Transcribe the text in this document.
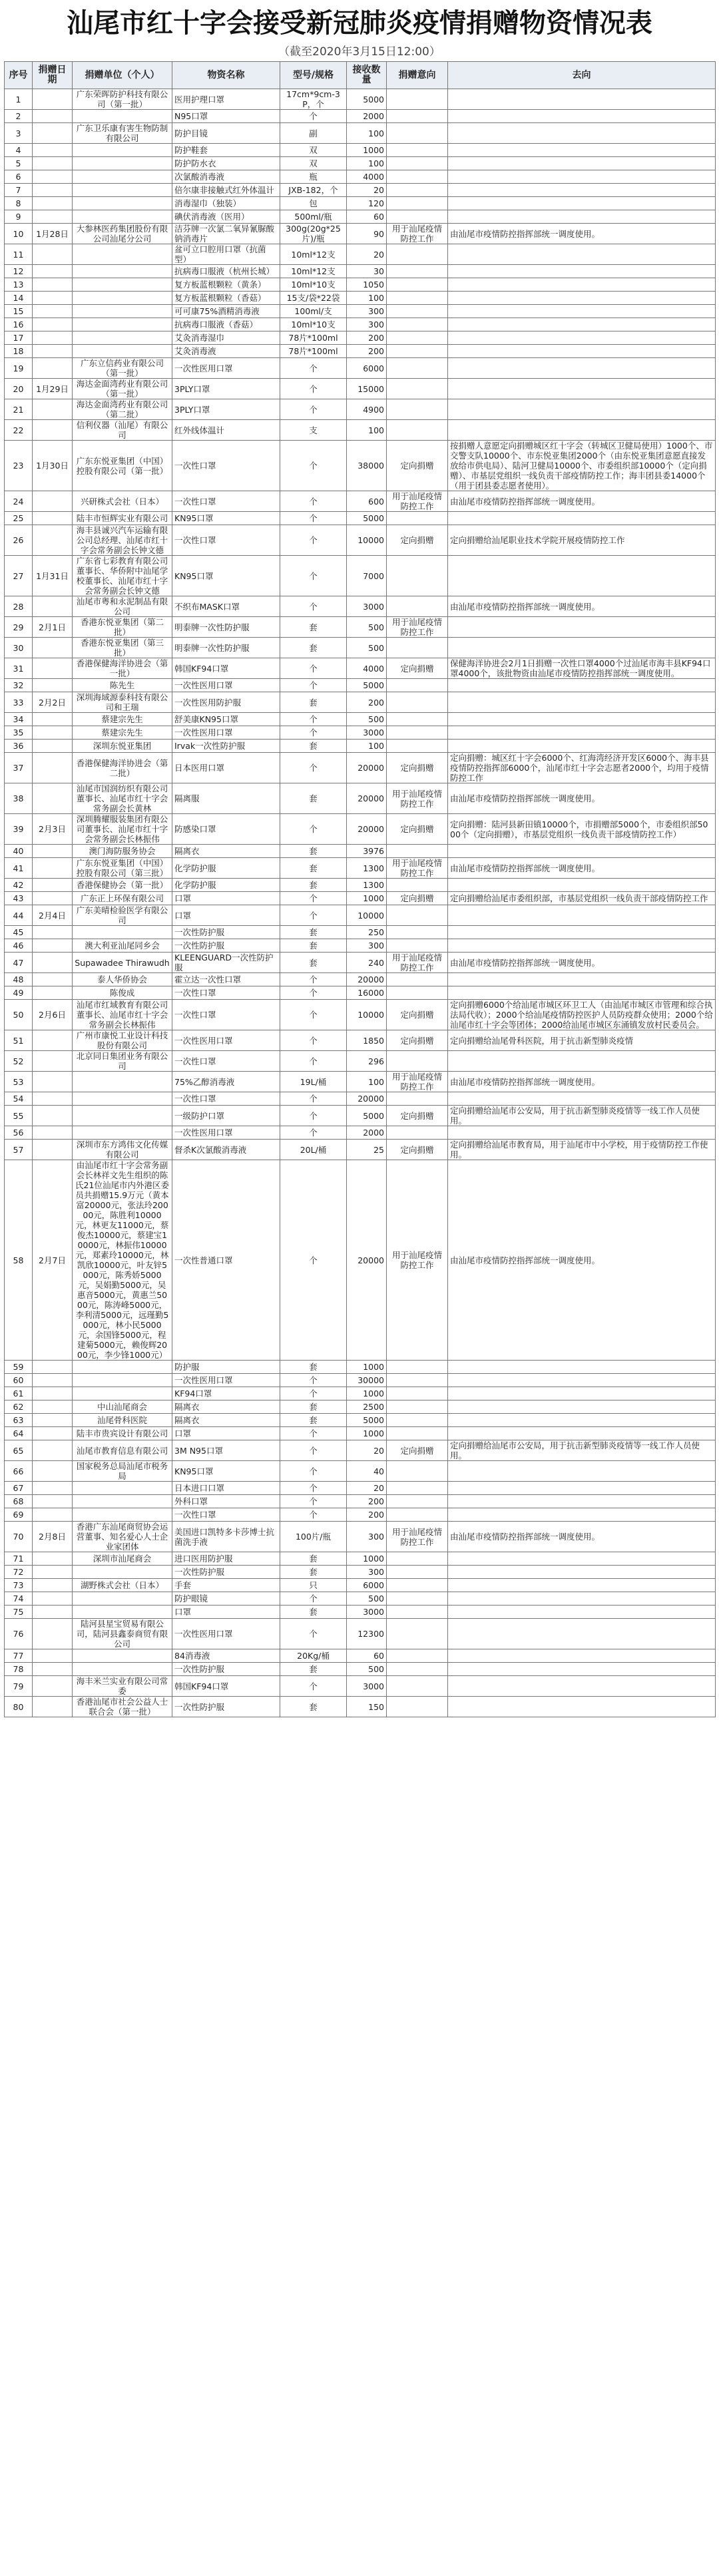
汕尾市红十字会接受新冠肺炎疫情捐赠物资情况表
（截至2020年3月15日12:00）
序号	捐赠日期	捐赠单位（个人）	物资名称	型号/规格	接收数量	捐赠意向	去向
1		广东荣晖防护科技有限公司（第一批）	医用护理口罩	17cm*9cm-3P，个	5000		
2			N95口罩	个	2000		
3		广东卫乐康有害生物防制有限公司	防护目镜	副	100		
4			防护鞋套	双	1000		
5			防护防水衣	双	100		
6			次氯酸消毒液	瓶	4000		
7			倍尔康非接触式红外体温计	JXB-182，个	20		
8			消毒湿巾（独装）	包	120		
9			碘伏消毒液（医用）	500ml/瓶	60		
10	1月28日	大参林医药集团股份有限公司汕尾分公司	洁芬牌一次氯二氧异氰脲酸钠消毒片	300g(20g*25片)/瓶	90	用于汕尾疫情防控工作	由汕尾市疫情防控指挥部统一调度使用。
11			盆可立口腔用口罩（抗菌型）	10ml*12支	20		
12			抗病毒口服液（杭州长城）	10ml*12支	30		
13			复方板蓝根颗粒（黄条）	10ml*10支	1050		
14			复方板蓝根颗粒（香菇）	15支/袋*22袋	100		
15			可可康75%酒精消毒液	100ml/支	300		
16			抗病毒口服液（香菇）	10ml*10支	300		
17			艾灸消毒湿巾	78片*100ml	200		
18			艾灸消毒液	78片*100ml	200		
19		广东立信药业有限公司（第一批）	一次性医用口罩	个	6000		
20	1月29日	海达金面湾药业有限公司（第一批）	3PLY口罩	个	15000		
21		海达金面湾药业有限公司（第二批）	3PLY口罩	个	4900		
22		信利仪器（汕尾）有限公司	红外线体温计	支	100		
23	1月30日	广东东悦亚集团（中国）控股有限公司（第一批）	一次性口罩	个	38000	定向捐赠	按捐赠人意愿定向捐赠城区红十字会（转城区卫健局使用）1000个、市交警支队10000个、市东悦亚集团2000个（由东悦亚集团意愿直接发放给市供电局）、陆河卫健局10000个、市委组织部10000个（定向捐赠）、市基层党组织一线负责干部疫情防控工作；海丰团县委14000个（用于团县委志愿者使用）。
24		兴研株式会社（日本）	一次性口罩	个	600	用于汕尾疫情防控工作	由汕尾市疫情防控指挥部统一调度使用。
25		陆丰市恒辉实业有限公司	KN95口罩	个	5000		
26		海丰县诚兴汽车运输有限公司总经理、汕尾市红十字会常务副会长钟文德	一次性口罩	个	10000	定向捐赠	定向捐赠给汕尾职业技术学院开展疫情防控工作
27	1月31日	广东省七彩教育有限公司董事长、华侨附中汕尾学校董事长、汕尾市红十字会常务副会长钟文德	KN95口罩	个	7000		
28		汕尾市粤和永泥制品有限公司	不织布MASK口罩	个	3000		由汕尾市疫情防控指挥部统一调度使用。
29	2月1日	香港东悦亚集团（第二批）	明泰牌一次性防护服	套	500	用于汕尾疫情防控工作	
30		香港东悦亚集团（第三批）	明泰牌一次性防护服	套	500		
31		香港保健海洋协进会（第一批）	韩国KF94口罩	个	4000	定向捐赠	保健海洋协进会2月1日捐赠一次性口罩4000个过汕尾市海丰县KF94口罩4000个，该批物资由汕尾市疫情防控指挥部统一调度使用。
32		陈先生	一次性医用口罩	个	5000		
33	2月2日	深圳海域源泰科技有限公司和王瑞	一次性医用防护服	套	200		
34		蔡建宗先生	舒美康KN95口罩	个	500		
35		蔡建宗先生	一次性医用口罩	个	3000		
36		深圳东悦亚集团	Irvak一次性防护服	套	100		
37		香港保健海洋协进会（第二批）	日本医用口罩	个	20000	定向捐赠	定向捐赠：城区红十字会6000个、红海湾经济开发区6000个、海丰县疫情防控指挥部6000个，汕尾市红十字会志愿者2000个，均用于疫情防控工作
38		汕尾市国润纺织有限公司董事长、汕尾市红十字会常务副会长黄林	隔离服	套	20000	用于汕尾疫情防控工作	由汕尾市疫情防控指挥部统一调度使用。
39	2月3日	深圳腾耀服装集团有限公司董事长、汕尾市红十字会常务副会长林振伟	防感染口罩	个	20000	定向捐赠	定向捐赠：陆河县新田镇10000个，市捐赠部5000个，市委组织部5000个（定向捐赠），市基层党组织一线负责干部疫情防控工作）
40		澳门海防服务协会	隔离衣	套	3976		
41		广东东悦亚集团（中国）控股有限公司（第三批）	化学防护服	套	1300	用于汕尾疫情防控工作	由汕尾市疫情防控指挥部统一调度使用。
42		香港保健协会（第一批）	化学防护服	套	1300		
43		广东正上环保有限公司	口罩	个	1000	定向捐赠	定向捐赠给汕尾市委组织部，市基层党组织一线负责干部疫情防控工作
44	2月4日	广东美晴检验医学有限公司	口罩	个	10000		
45			一次性防护服	套	250		
46		澳大利亚汕尾同乡会	一次性防护服	套	300		
47		Supawadee Thirawudh	KLEENGUARD一次性防护服	套	240	用于汕尾疫情防控工作	由汕尾市疫情防控指挥部统一调度使用。
48		泰人华侨协会	霍立达一次性口罩	个	20000		
49		陈俊成	一次性口罩	个	16000		
50	2月6日	汕尾市红域教育有限公司董事长、汕尾市红十字会常务副会长林振伟	一次性口罩	个	10000	定向捐赠	定向捐赠6000个给汕尾市城区环卫工人（由汕尾市城区市管理和综合执法局代收）；2000个给汕尾疫情防控医护人员防疫群众使用；2000个给汕尾市红十字会等团体；2000给汕尾市城区东涌镇发放村民委员会。
51		广州市康悦工业设计科技股份有限公司	一次性医用口罩	个	1850	定向捐赠	定向捐赠给汕尾骨科医院，用于抗击新型肺炎疫情
52		北京同日集团业务有限公司	一次性口罩	个	296		
53			75%乙醇消毒液	19L/桶	100	用于汕尾疫情防控工作	由汕尾市疫情防控指挥部统一调度使用。
54			一次性口罩	个	20000		
55			一级防护口罩	个	5000	定向捐赠	定向捐赠给汕尾市公安局，用于抗击新型肺炎疫情等一线工作人员使用。
56			一次性医用口罩	个	2000		
57		深圳市东方鸿伟文化传媒有限公司	督杀K次氯酸消毒液	20L/桶	25	定向捐赠	定向捐赠给汕尾市教育局，用于汕尾市中小学校，用于疫情防控工作使用。
58	2月7日	由汕尾市红十字会常务副会长林祥文先生组织的陈氏21位汕尾市内外港区委员共捐赠15.9万元（黄本富20000元，张法玲20000元，陈胜利10000元，林更友11000元，蔡俊杰10000元，蔡建宝10000元，林振伟10000元，郑素玲10000元，林凯欣10000元，叶友锌5000元，陈秀娇5000元，吴娟勤5000元，吴惠音5000元，黄惠兰5000元，陈涛峰5000元，李利清5000元，远瑾勤5000元，林小民5000元，余国锋5000元，程建菊5000元，赖俊辉2000元，李少锋1000元）	一次性普通口罩	个	20000	用于汕尾疫情防控工作	由汕尾市疫情防控指挥部统一调度使用。
59			防护服	套	1000		
60			一次性医用口罩	个	30000		
61			KF94口罩	个	1000		
62		中山汕尾商会	隔离衣	套	2500		
63		汕尾骨科医院	隔离衣	套	5000		
64		陆丰市贵宾设计有限公司	口罩	个	1000		
65		汕尾市教育信息有限公司	3M N95口罩	个	20	定向捐赠	定向捐赠给汕尾市公安局，用于抗击新型肺炎疫情等一线工作人员使用。
66		国家税务总局汕尾市税务局	KN95口罩	个	40		
67			日本进口口罩	个	20		
68			外科口罩	个	200		
69			一次性口罩	个	200		
70	2月8日	香港广东汕尾商贸协会运营董事、知名爱心人士企业家团体	美国进口凯特多卡莎博士抗菌洗手液	100片/瓶	300	用于汕尾疫情防控工作	由汕尾市疫情防控指挥部统一调度使用。
71		深圳市汕尾商会	进口医用防护服	套	1000		
72			一次性防护服	套	300		
73		湖野株式会社（日本）	手套	只	6000		
74			防护眼镜	个	500		
75			口罩	套	3000		
76		陆河县星宝贸易有限公司，陆河县鑫泰商贸有限公司	一次性医用口罩	个	12300		
77			84消毒液	20Kg/桶	60		
78			一次性防护服	套	500		
79		海丰米兰实业有限公司常委	韩国KF94口罩	个	3000		
80		香港汕尾市社会公益人士联合会（第一批）	一次性防护服	套	150		
